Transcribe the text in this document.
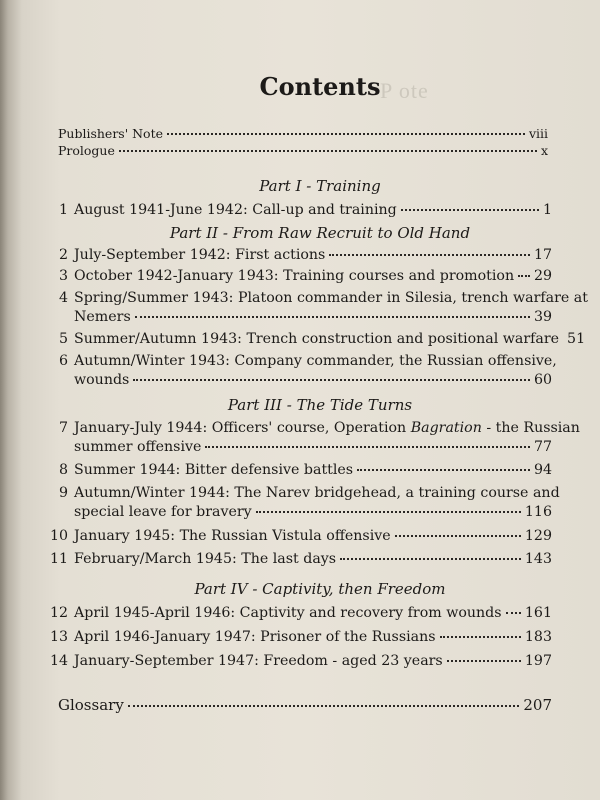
P ote
Contents
Publishers' Note	viii
Prologue	x
Part I - Training
1 August 1941-June 1942: Call-up and training	1
Part II - From Raw Recruit to Old Hand
2 July-September 1942: First actions	17
3 October 1942-January 1943: Training courses and promotion 29
4 Spring/Summer 1943: Platoon commander in Silesia, trench warfare at
Nemers	39
5 Summer/Autumn 1943: Trench construction and positional warfare 51
6 Autumn/Winter 1943: Company commander, the Russian offensive,
wounds	60
Part III - The Tide Turns
7 January-July 1944: Officers' course, Operation Bagration - the Russian
summer offensive	77
8 Summer 1944: Bitter defensive battles	94
9 Autumn/Winter 1944: The Narev bridgehead, a training course and
special leave for bravery	116
10 January 1945: The Russian Vistula offensive	129
11 February/March 1945: The last days	143
Part IV - Captivity, then Freedom
12 April 1945-April 1946: Captivity and recovery from wounds 161
13 April 1946-January 1947: Prisoner of the Russians	183
14 January-September 1947: Freedom - aged 23 years	197
Glossary	207
